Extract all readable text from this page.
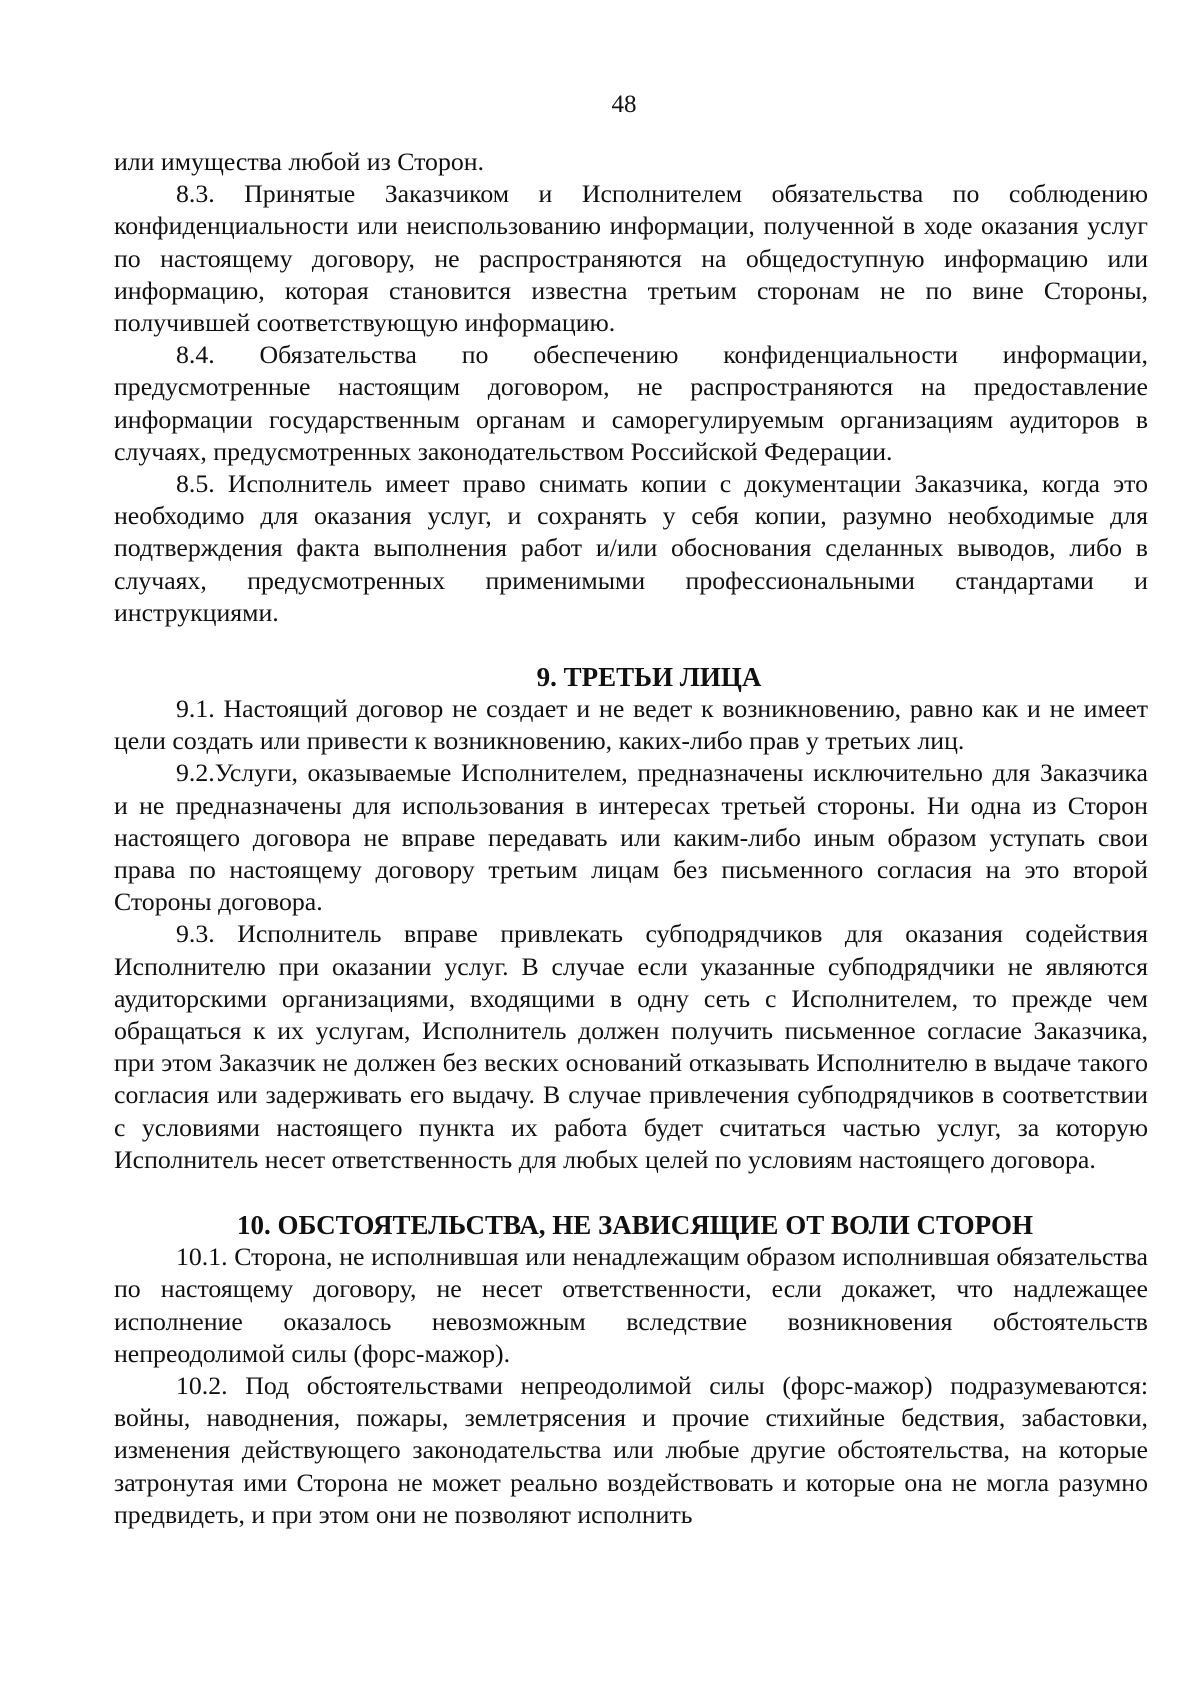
48

или имущества любой из Сторон.

8.3. Принятые Заказчиком и Исполнителем обязательства по соблюдению конфиденциальности или неиспользованию информации, полученной в ходе оказания услуг по настоящему договору, не распространяются на общедоступную информацию или информацию, которая становится известна третьим сторонам не по вине Стороны, получившей соответствующую информацию.

8.4. Обязательства по обеспечению конфиденциальности информации, предусмотренные настоящим договором, не распространяются на предоставление информации государственным органам и саморегулируемым организациям аудиторов в случаях, предусмотренных законодательством Российской Федерации.

8.5. Исполнитель имеет право снимать копии с документации Заказчика, когда это необходимо для оказания услуг, и сохранять у себя копии, разумно необходимые для подтверждения факта выполнения работ и/или обоснования сделанных выводов, либо в случаях, предусмотренных применимыми профессиональными стандартами и инструкциями.

9. ТРЕТЬИ ЛИЦА

9.1. Настоящий договор не создает и не ведет к возникновению, равно как и не имеет цели создать или привести к возникновению, каких-либо прав у третьих лиц.

9.2.Услуги, оказываемые Исполнителем, предназначены исключительно для Заказчика и не предназначены для использования в интересах третьей стороны. Ни одна из Сторон настоящего договора не вправе передавать или каким-либо иным образом уступать свои права по настоящему договору третьим лицам без письменного согласия на это второй Стороны договора.

9.3. Исполнитель вправе привлекать субподрядчиков для оказания содействия Исполнителю при оказании услуг. В случае если указанные субподрядчики не являются аудиторскими организациями, входящими в одну сеть с Исполнителем, то прежде чем обращаться к их услугам, Исполнитель должен получить письменное согласие Заказчика, при этом Заказчик не должен без веских оснований отказывать Исполнителю в выдаче такого согласия или задерживать его выдачу. В случае привлечения субподрядчиков в соответствии с условиями настоящего пункта их работа будет считаться частью услуг, за которую Исполнитель несет ответственность для любых целей по условиям настоящего договора.

10. ОБСТОЯТЕЛЬСТВА, НЕ ЗАВИСЯЩИЕ ОТ ВОЛИ СТОРОН

10.1. Сторона, не исполнившая или ненадлежащим образом исполнившая обязательства по настоящему договору, не несет ответственности, если докажет, что надлежащее исполнение оказалось невозможным вследствие возникновения обстоятельств непреодолимой силы (форс-мажор).

10.2. Под обстоятельствами непреодолимой силы (форс-мажор) подразумеваются: войны, наводнения, пожары, землетрясения и прочие стихийные бедствия, забастовки, изменения действующего законодательства или любые другие обстоятельства, на которые затронутая ими Сторона не может реально воздействовать и которые она не могла разумно предвидеть, и при этом они не позволяют исполнить
